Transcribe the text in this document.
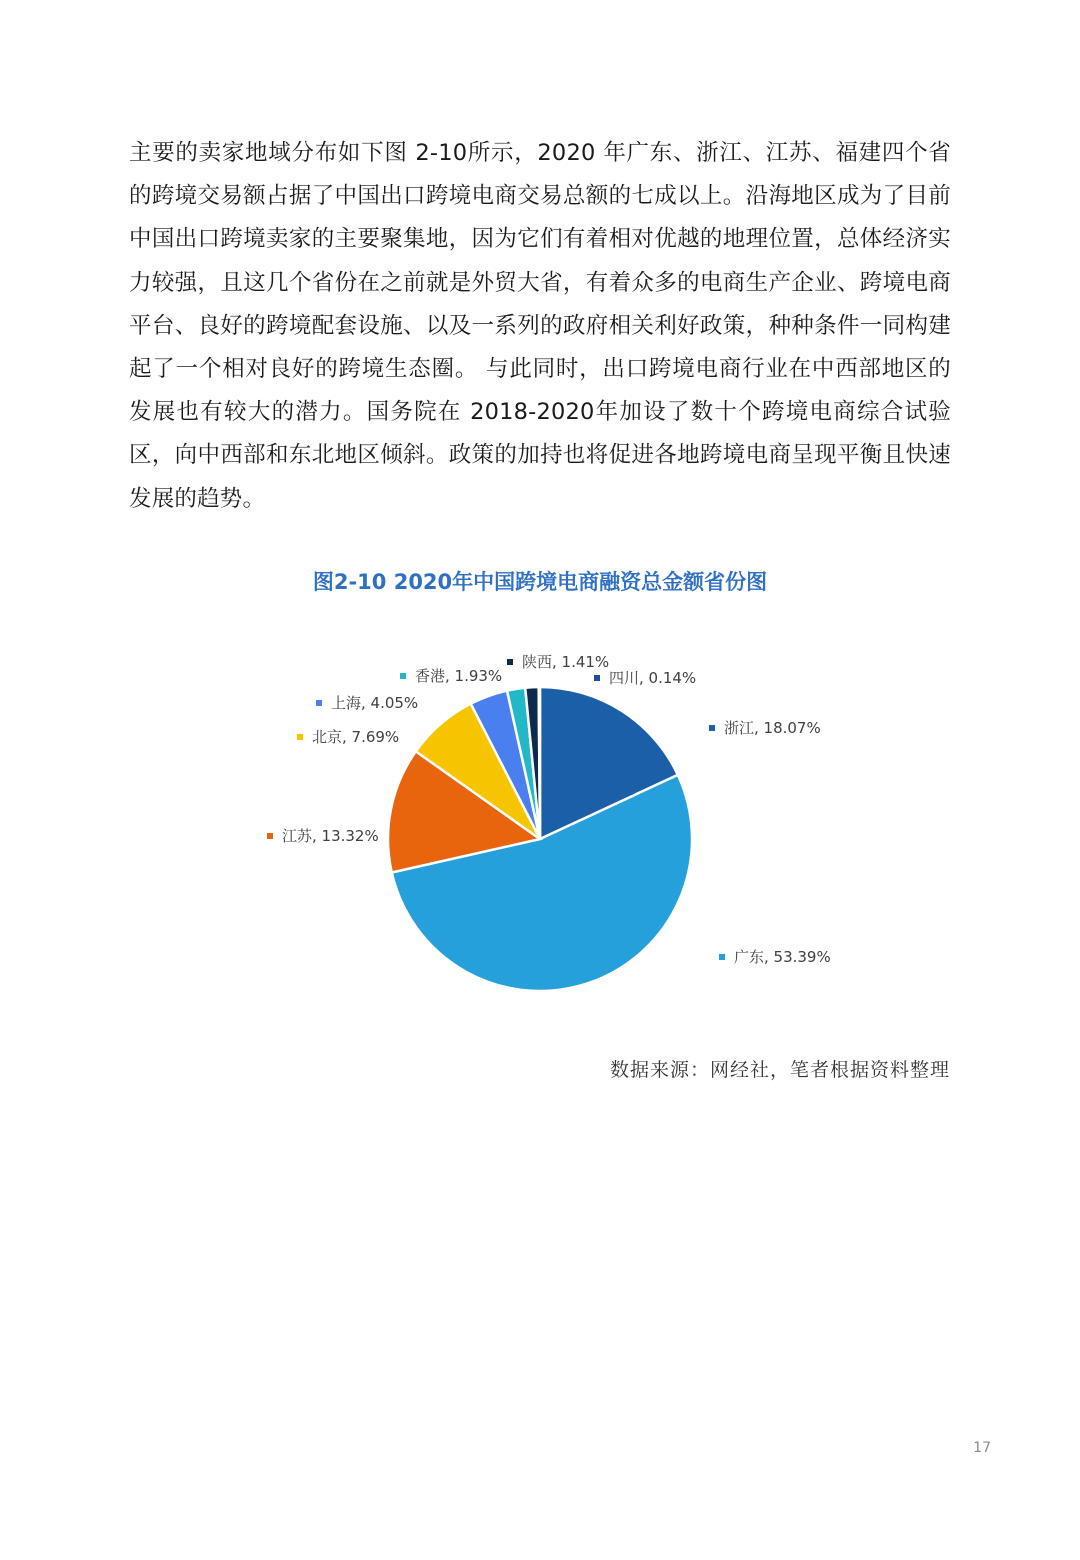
主要的卖家地域分布如下图 2-10所示，2020 年广东、浙江、江苏、福建四个省的跨境交易额占据了中国出口跨境电商交易总额的七成以上。沿海地区成为了目前中国出口跨境卖家的主要聚集地，因为它们有着相对优越的地理位置，总体经济实力较强，且这几个省份在之前就是外贸大省，有着众多的电商生产企业、跨境电商平台、良好的跨境配套设施、以及一系列的政府相关利好政策，种种条件一同构建起了一个相对良好的跨境生态圈。 与此同时，出口跨境电商行业在中西部地区的发展也有较大的潜力。国务院在 2018-2020年加设了数十个跨境电商综合试验区，向中西部和东北地区倾斜。政策的加持也将促进各地跨境电商呈现平衡且快速发展的趋势。

图2-10 2020年中国跨境电商融资总金额省份图
浙江, 18.07%
广东, 53.39%
江苏, 13.32%
北京, 7.69%
上海, 4.05%
香港, 1.93%
陕西, 1.41%
四川, 0.14%
数据来源：网经社，笔者根据资料整理
17
